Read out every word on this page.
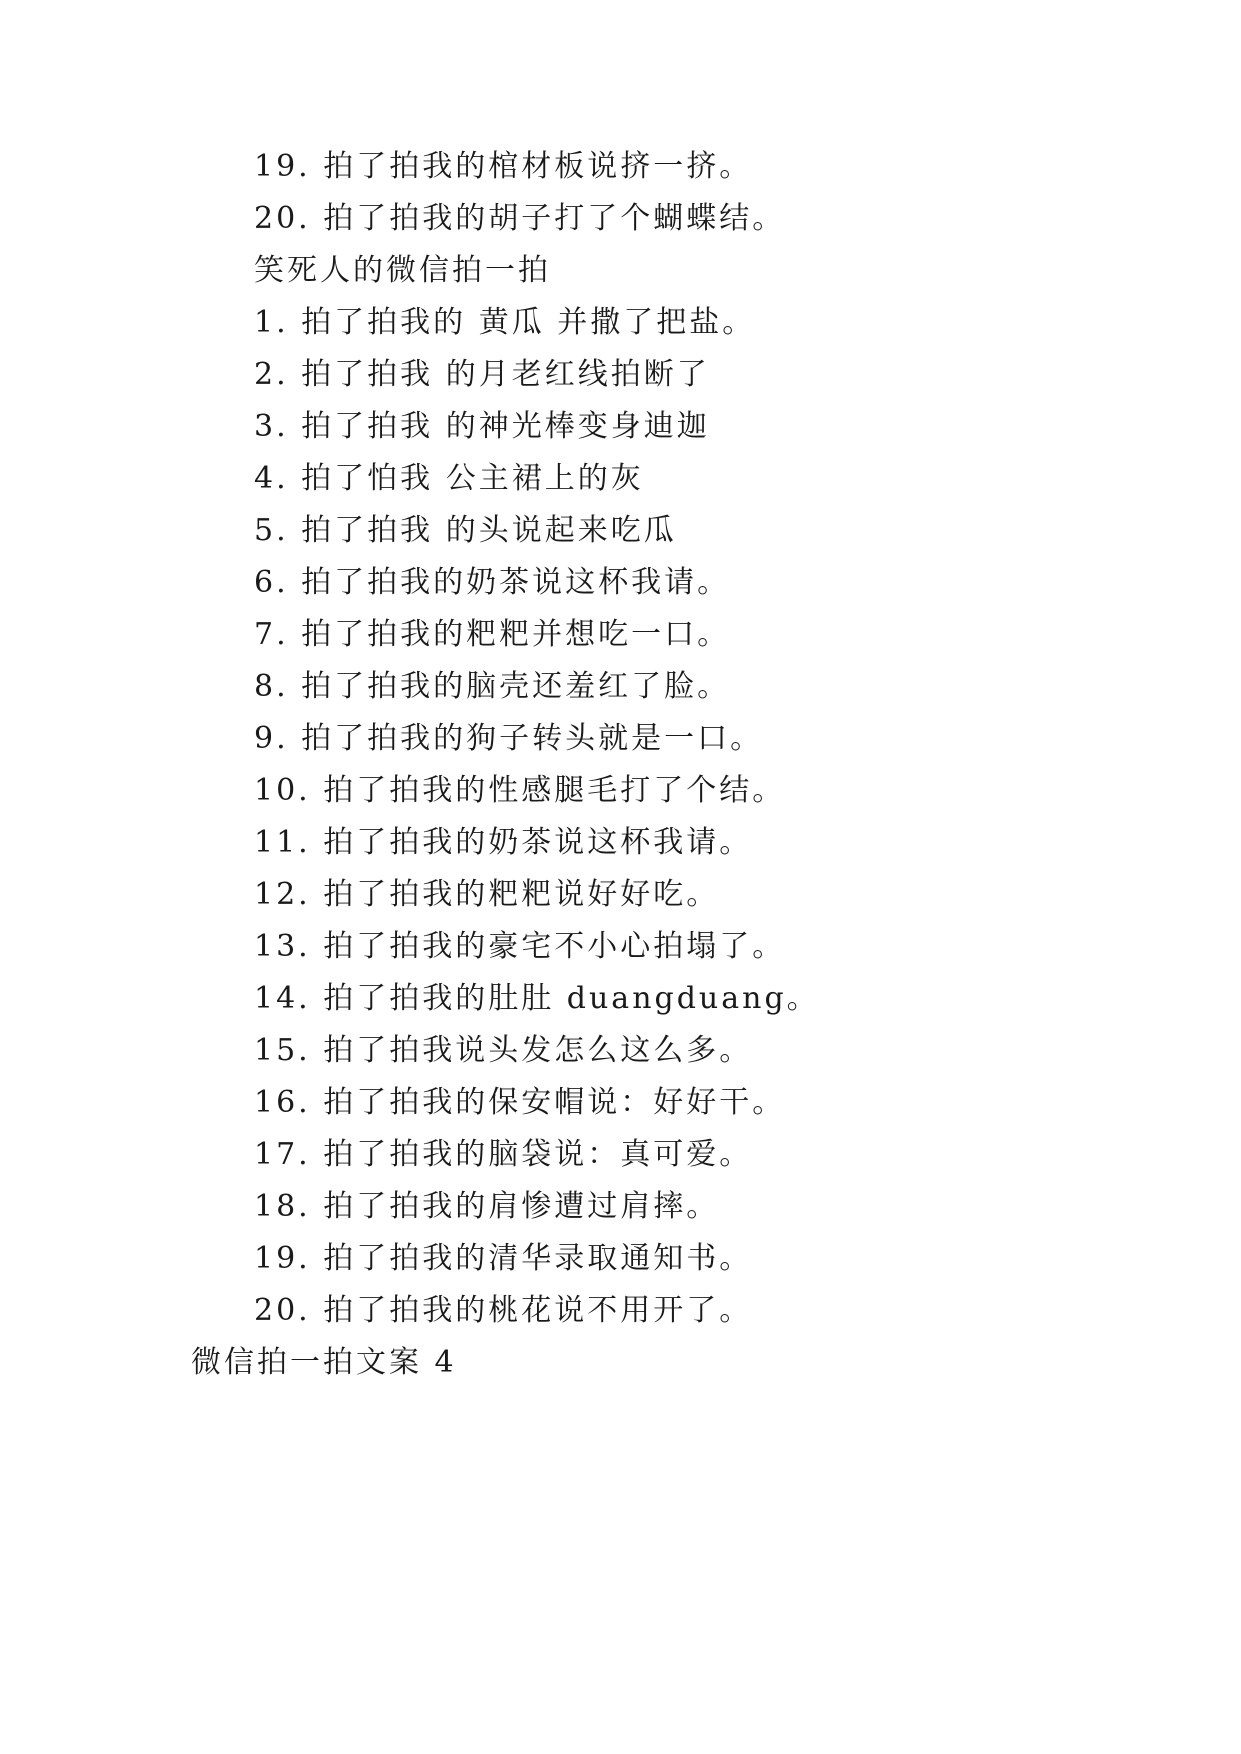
19. 拍了拍我的棺材板说挤一挤。
20. 拍了拍我的胡子打了个蝴蝶结。
笑死人的微信拍一拍
1. 拍了拍我的 黄瓜 并撒了把盐。
2. 拍了拍我 的月老红线拍断了
3. 拍了拍我 的神光棒变身迪迦
4. 拍了怕我 公主裙上的灰
5. 拍了拍我 的头说起来吃瓜
6. 拍了拍我的奶茶说这杯我请。
7. 拍了拍我的粑粑并想吃一口。
8. 拍了拍我的脑壳还羞红了脸。
9. 拍了拍我的狗子转头就是一口。
10. 拍了拍我的性感腿毛打了个结。
11. 拍了拍我的奶茶说这杯我请。
12. 拍了拍我的粑粑说好好吃。
13. 拍了拍我的豪宅不小心拍塌了。
14. 拍了拍我的肚肚 duangduang。
15. 拍了拍我说头发怎么这么多。
16. 拍了拍我的保安帽说：好好干。
17. 拍了拍我的脑袋说：真可爱。
18. 拍了拍我的肩惨遭过肩摔。
19. 拍了拍我的清华录取通知书。
20. 拍了拍我的桃花说不用开了。
微信拍一拍文案 4
